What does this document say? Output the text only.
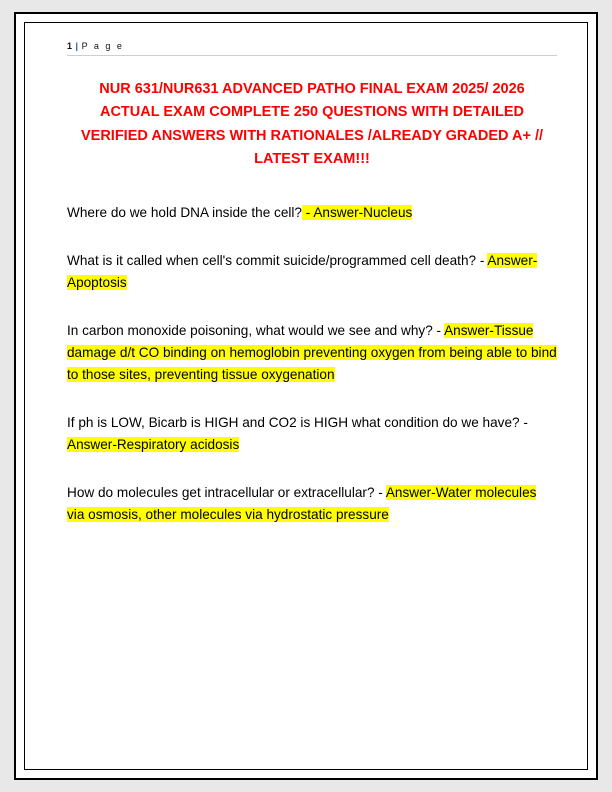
1 | P a g e
NUR 631/NUR631 ADVANCED PATHO FINAL EXAM 2025/ 2026 ACTUAL EXAM COMPLETE 250 QUESTIONS WITH DETAILED VERIFIED ANSWERS WITH RATIONALES /ALREADY GRADED A+ // LATEST EXAM!!!
Where do we hold DNA inside the cell? - Answer-Nucleus
What is it called when cell's commit suicide/programmed cell death? - Answer-Apoptosis
In carbon monoxide poisoning, what would we see and why? - Answer-Tissue damage d/t CO binding on hemoglobin preventing oxygen from being able to bind to those sites, preventing tissue oxygenation
If ph is LOW, Bicarb is HIGH and CO2 is HIGH what condition do we have? - Answer-Respiratory acidosis
How do molecules get intracellular or extracellular? - Answer-Water molecules via osmosis, other molecules via hydrostatic pressure
